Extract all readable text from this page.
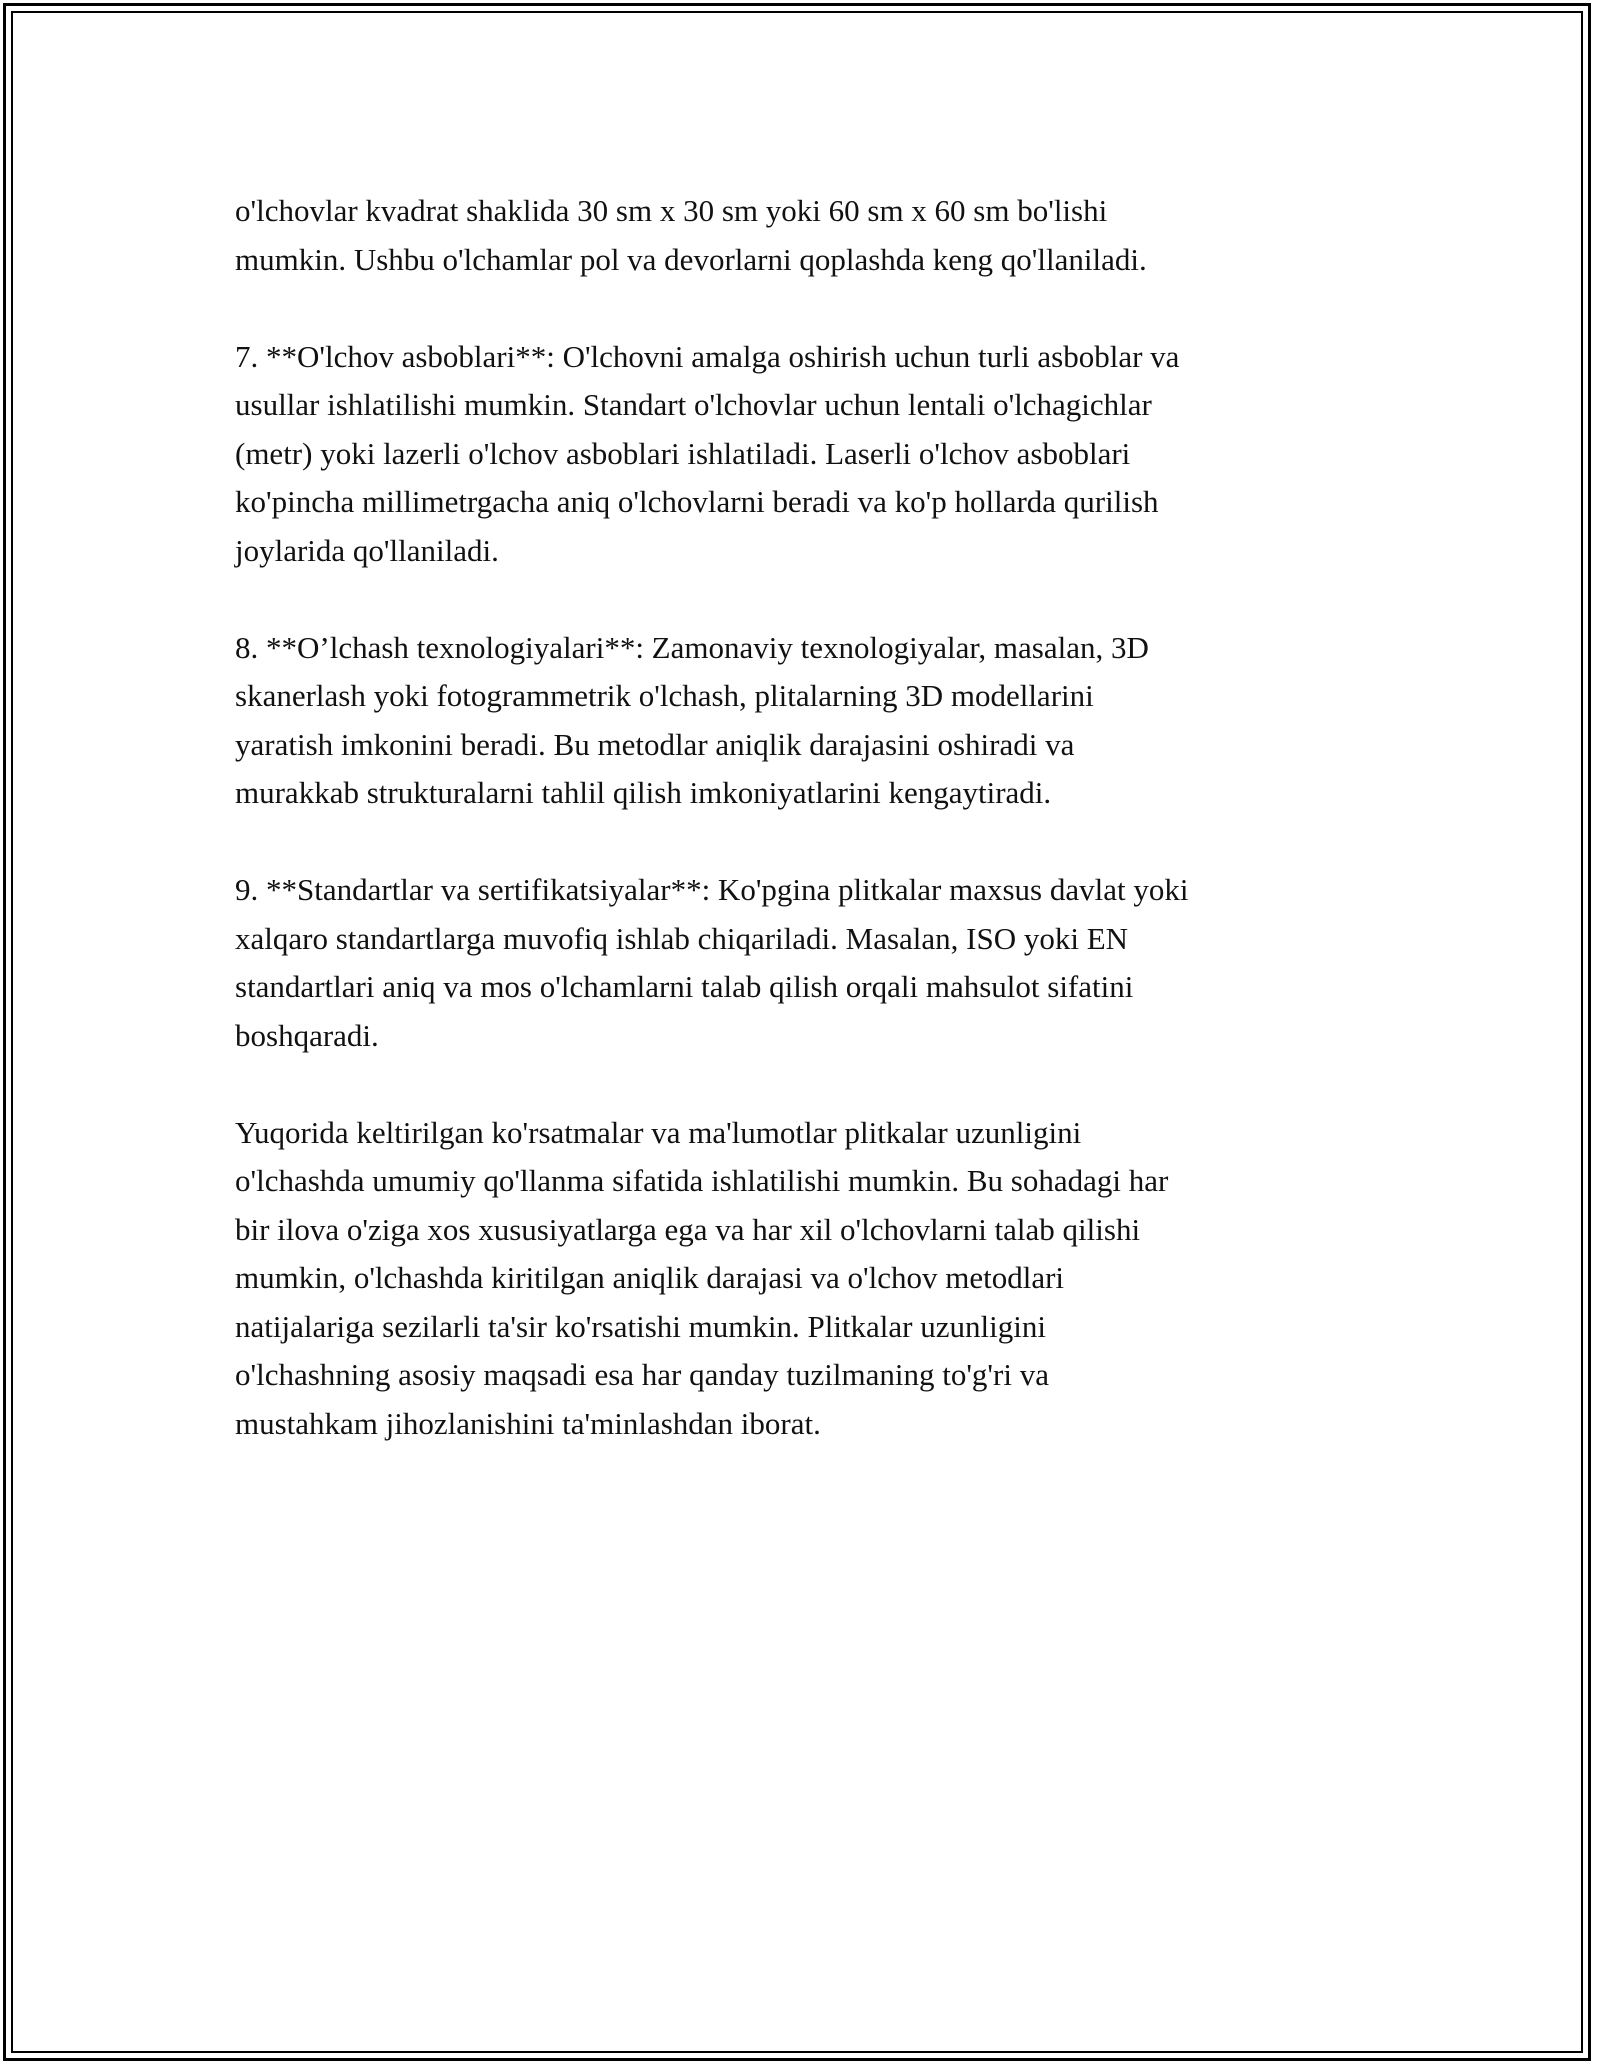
o'lchovlar kvadrat shaklida 30 sm x 30 sm yoki 60 sm x 60 sm bo'lishi
mumkin. Ushbu o'lchamlar pol va devorlarni qoplashda keng qo'llaniladi.

7. **O'lchov asboblari**: O'lchovni amalga oshirish uchun turli asboblar va
usullar ishlatilishi mumkin. Standart o'lchovlar uchun lentali o'lchagichlar
(metr) yoki lazerli o'lchov asboblari ishlatiladi. Laserli o'lchov asboblari
ko'pincha millimetrgacha aniq o'lchovlarni beradi va ko'p hollarda qurilish
joylarida qo'llaniladi.

8. **O’lchash texnologiyalari**: Zamonaviy texnologiyalar, masalan, 3D
skanerlash yoki fotogrammetrik o'lchash, plitalarning 3D modellarini
yaratish imkonini beradi. Bu metodlar aniqlik darajasini oshiradi va
murakkab strukturalarni tahlil qilish imkoniyatlarini kengaytiradi.

9. **Standartlar va sertifikatsiyalar**: Ko'pgina plitkalar maxsus davlat yoki
xalqaro standartlarga muvofiq ishlab chiqariladi. Masalan, ISO yoki EN
standartlari aniq va mos o'lchamlarni talab qilish orqali mahsulot sifatini
boshqaradi.

Yuqorida keltirilgan ko'rsatmalar va ma'lumotlar plitkalar uzunligini
o'lchashda umumiy qo'llanma sifatida ishlatilishi mumkin. Bu sohadagi har
bir ilova o'ziga xos xususiyatlarga ega va har xil o'lchovlarni talab qilishi
mumkin, o'lchashda kiritilgan aniqlik darajasi va o'lchov metodlari
natijalariga sezilarli ta'sir ko'rsatishi mumkin. Plitkalar uzunligini
o'lchashning asosiy maqsadi esa har qanday tuzilmaning to'g'ri va
mustahkam jihozlanishini ta'minlashdan iborat.
